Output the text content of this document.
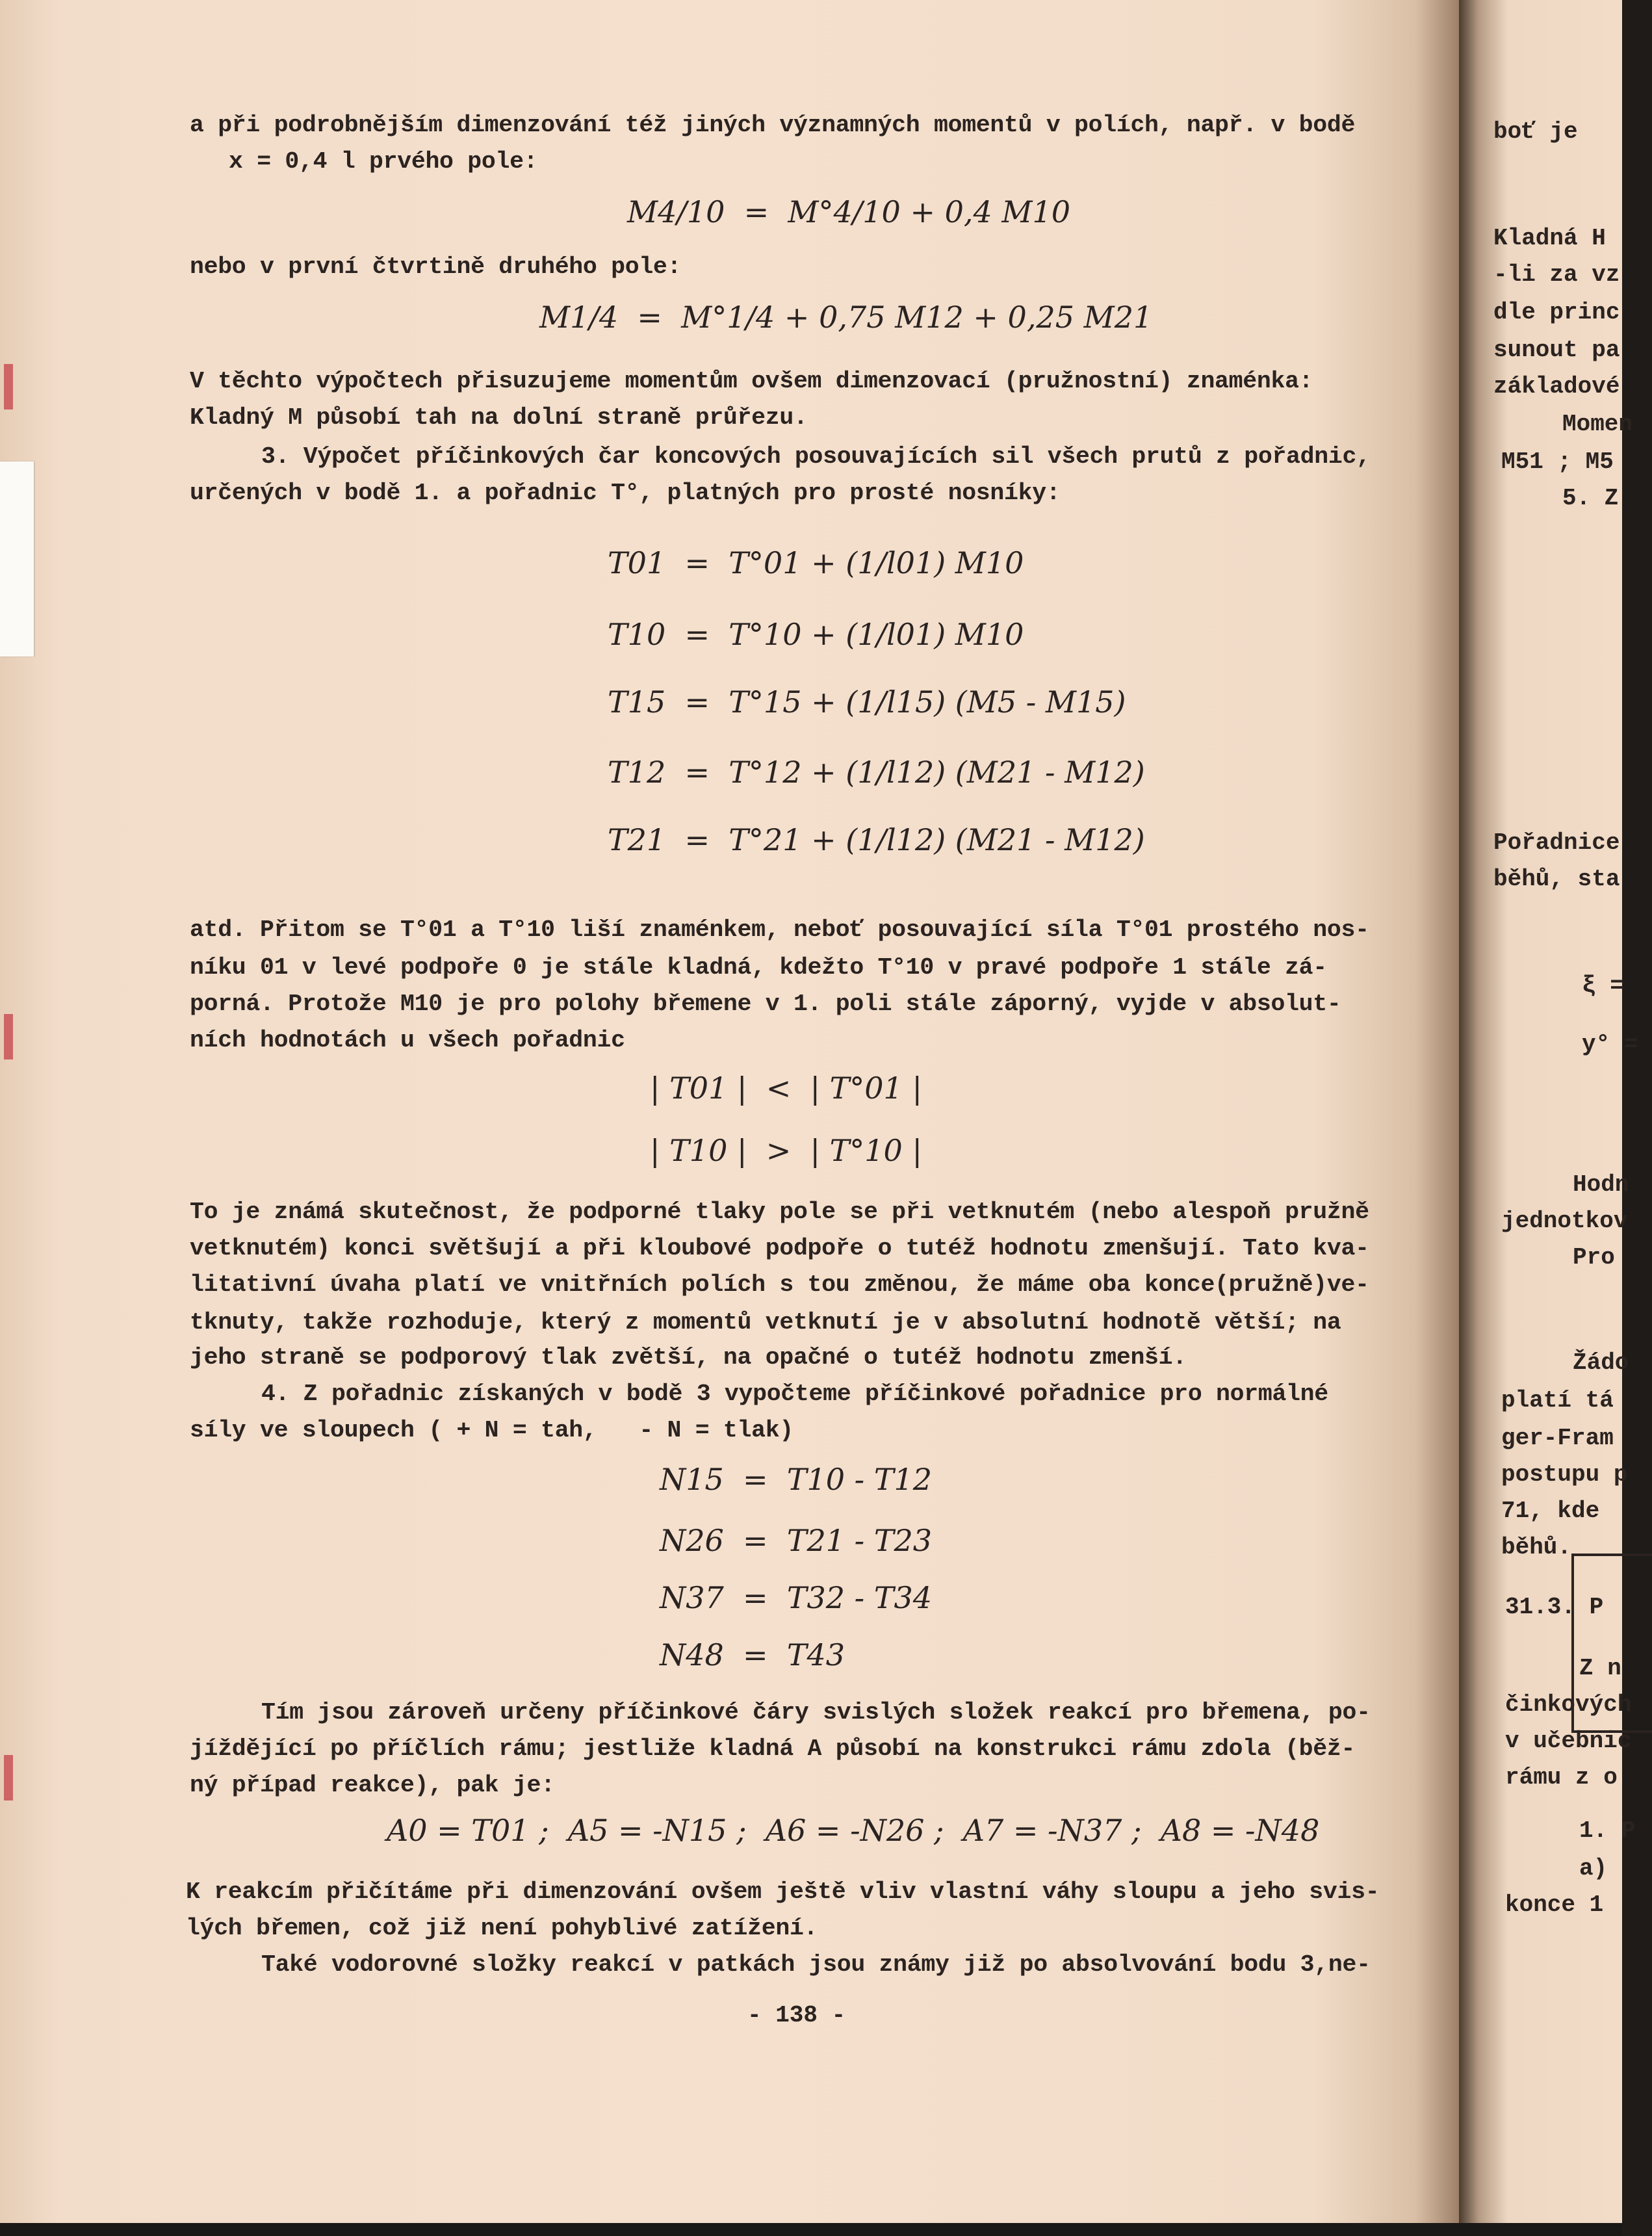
a při podrobnějším dimenzování též jiných významných momentů v polích, např. v bodě

x = 0,4 l prvého pole:

M4/10  =  M°4/10 + 0,4 M10

nebo v první čtvrtině druhého pole:

M1/4  =  M°1/4 + 0,75 M12 + 0,25 M21

V těchto výpočtech přisuzujeme momentům ovšem dimenzovací (pružnostní) znaménka:

Kladný M působí tah na dolní straně průřezu.

3. Výpočet příčinkových čar koncových posouvajících sil všech prutů z pořadnic,

určených v bodě 1. a pořadnic T°, platných pro prosté nosníky:

T01  =  T°01 + (1/l01) M10

T10  =  T°10 + (1/l01) M10

T15  =  T°15 + (1/l15) (M5 - M15)

T12  =  T°12 + (1/l12) (M21 - M12)

T21  =  T°21 + (1/l12) (M21 - M12)

atd. Přitom se T°01 a T°10 liší znaménkem, neboť posouvající síla T°01 prostého nos-

níku 01 v levé podpoře 0 je stále kladná, kdežto T°10 v pravé podpoře 1 stále zá-

porná. Protože M10 je pro polohy břemene v 1. poli stále záporný, vyjde v absolut-

ních hodnotách u všech pořadnic

| T01 |  <  | T°01 |

| T10 |  >  | T°10 |

To je známá skutečnost, že podporné tlaky pole se při vetknutém (nebo alespoň pružně

vetknutém) konci světšují a při kloubové podpoře o tutéž hodnotu zmenšují. Tato kva-

litativní úvaha platí ve vnitřních polích s tou změnou, že máme oba konce(pružně)ve-

tknuty, takže rozhoduje, který z momentů vetknutí je v absolutní hodnotě větší; na

jeho straně se podporový tlak zvětší, na opačné o tutéž hodnotu zmenší.

4. Z pořadnic získaných v bodě 3 vypočteme příčinkové pořadnice pro normálné

síly ve sloupech ( + N = tah,   - N = tlak)

N15  =  T10 - T12

N26  =  T21 - T23

N37  =  T32 - T34

N48  =  T43

Tím jsou zároveň určeny příčinkové čáry svislých složek reakcí pro břemena, po-

jíždějící po příčlích rámu; jestliže kladná A působí na konstrukci rámu zdola (běž-

ný případ reakce), pak je:

A0 = T01 ;  A5 = -N15 ;  A6 = -N26 ;  A7 = -N37 ;  A8 = -N48

K reakcím přičítáme při dimenzování ovšem ještě vliv vlastní váhy sloupu a jeho svis-

lých břemen, což již není pohyblivé zatížení.

Také vodorovné složky reakcí v patkách jsou známy již po absolvování bodu 3,ne-

- 138 -

boť je

Kladná H

-li za vz

dle princ

sunout pa

základové

Momen

M51 ; M5

5. Z

Pořadnice

běhů, sta

ξ =

y° =

Hodn

jednotkov

Pro

Žádo

platí tá

ger-Fram

postupu p

71, kde

běhů.

31.3. P

Z n

činkových

v učebnic

rámu z o

1. P

a)

konce 1
